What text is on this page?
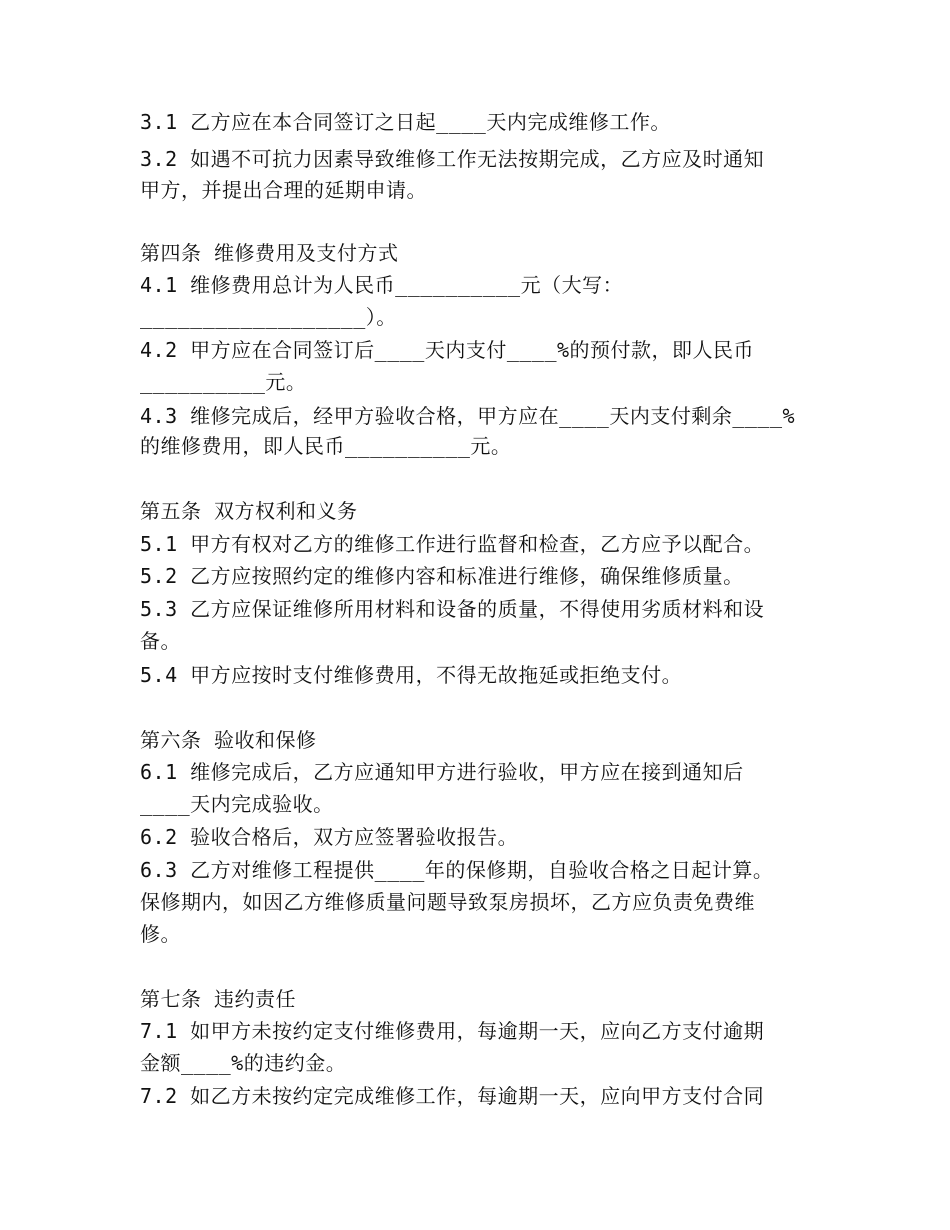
3.1 乙方应在本合同签订之日起____天内完成维修工作。
3.2 如遇不可抗力因素导致维修工作无法按期完成，乙方应及时通知
甲方，并提出合理的延期申请。
第四条 维修费用及支付方式
4.1 维修费用总计为人民币__________元（大写：
__________________）。
4.2 甲方应在合同签订后____天内支付____%的预付款，即人民币
__________元。
4.3 维修完成后，经甲方验收合格，甲方应在____天内支付剩余____%
的维修费用，即人民币__________元。
第五条 双方权利和义务
5.1 甲方有权对乙方的维修工作进行监督和检查，乙方应予以配合。
5.2 乙方应按照约定的维修内容和标准进行维修，确保维修质量。
5.3 乙方应保证维修所用材料和设备的质量，不得使用劣质材料和设
备。
5.4 甲方应按时支付维修费用，不得无故拖延或拒绝支付。
第六条 验收和保修
6.1 维修完成后，乙方应通知甲方进行验收，甲方应在接到通知后
____天内完成验收。
6.2 验收合格后，双方应签署验收报告。
6.3 乙方对维修工程提供____年的保修期，自验收合格之日起计算。
保修期内，如因乙方维修质量问题导致泵房损坏，乙方应负责免费维
修。
第七条 违约责任
7.1 如甲方未按约定支付维修费用，每逾期一天，应向乙方支付逾期
金额____%的违约金。
7.2 如乙方未按约定完成维修工作，每逾期一天，应向甲方支付合同
